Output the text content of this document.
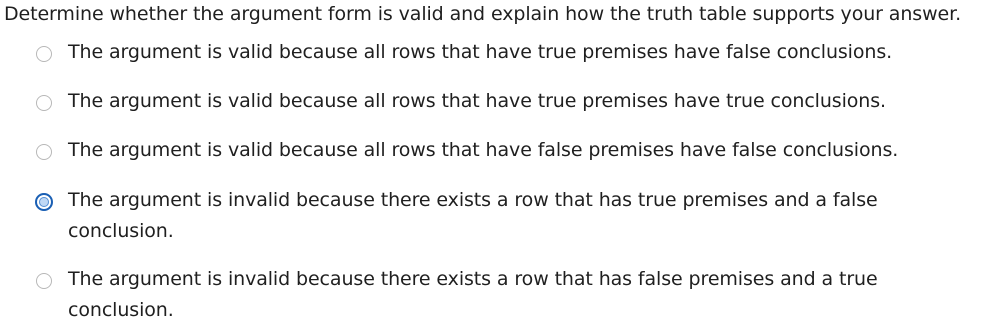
Determine whether the argument form is valid and explain how the truth table supports your answer.
The argument is valid because all rows that have true premises have false conclusions.
The argument is valid because all rows that have true premises have true conclusions.
The argument is valid because all rows that have false premises have false conclusions.
The argument is invalid because there exists a row that has true premises and a false conclusion.
The argument is invalid because there exists a row that has false premises and a true conclusion.
